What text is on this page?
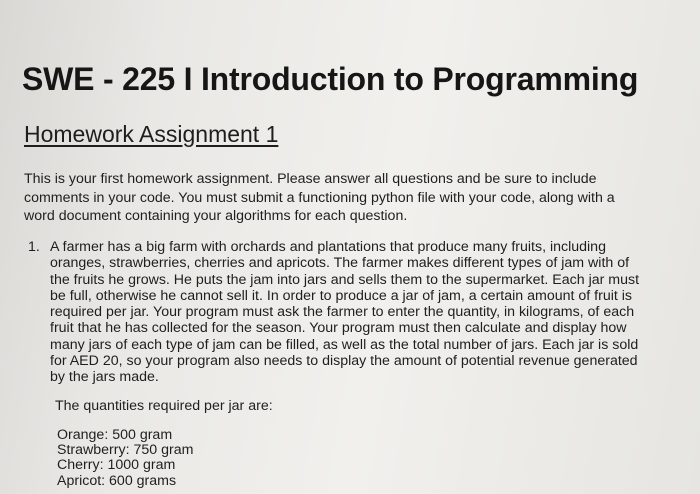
SWE - 225 I Introduction to Programming
Homework Assignment 1
This is your first homework assignment. Please answer all questions and be sure to include
comments in your code. You must submit a functioning python file with your code, along with a
word document containing your algorithms for each question.
1. A farmer has a big farm with orchards and plantations that produce many fruits, including
oranges, strawberries, cherries and apricots. The farmer makes different types of jam with of
the fruits he grows. He puts the jam into jars and sells them to the supermarket. Each jar must
be full, otherwise he cannot sell it. In order to produce a jar of jam, a certain amount of fruit is
required per jar. Your program must ask the farmer to enter the quantity, in kilograms, of each
fruit that he has collected for the season. Your program must then calculate and display how
many jars of each type of jam can be filled, as well as the total number of jars. Each jar is sold
for AED 20, so your program also needs to display the amount of potential revenue generated
by the jars made.
The quantities required per jar are:
Orange: 500 gram
Strawberry: 750 gram
Cherry: 1000 gram
Apricot: 600 grams
